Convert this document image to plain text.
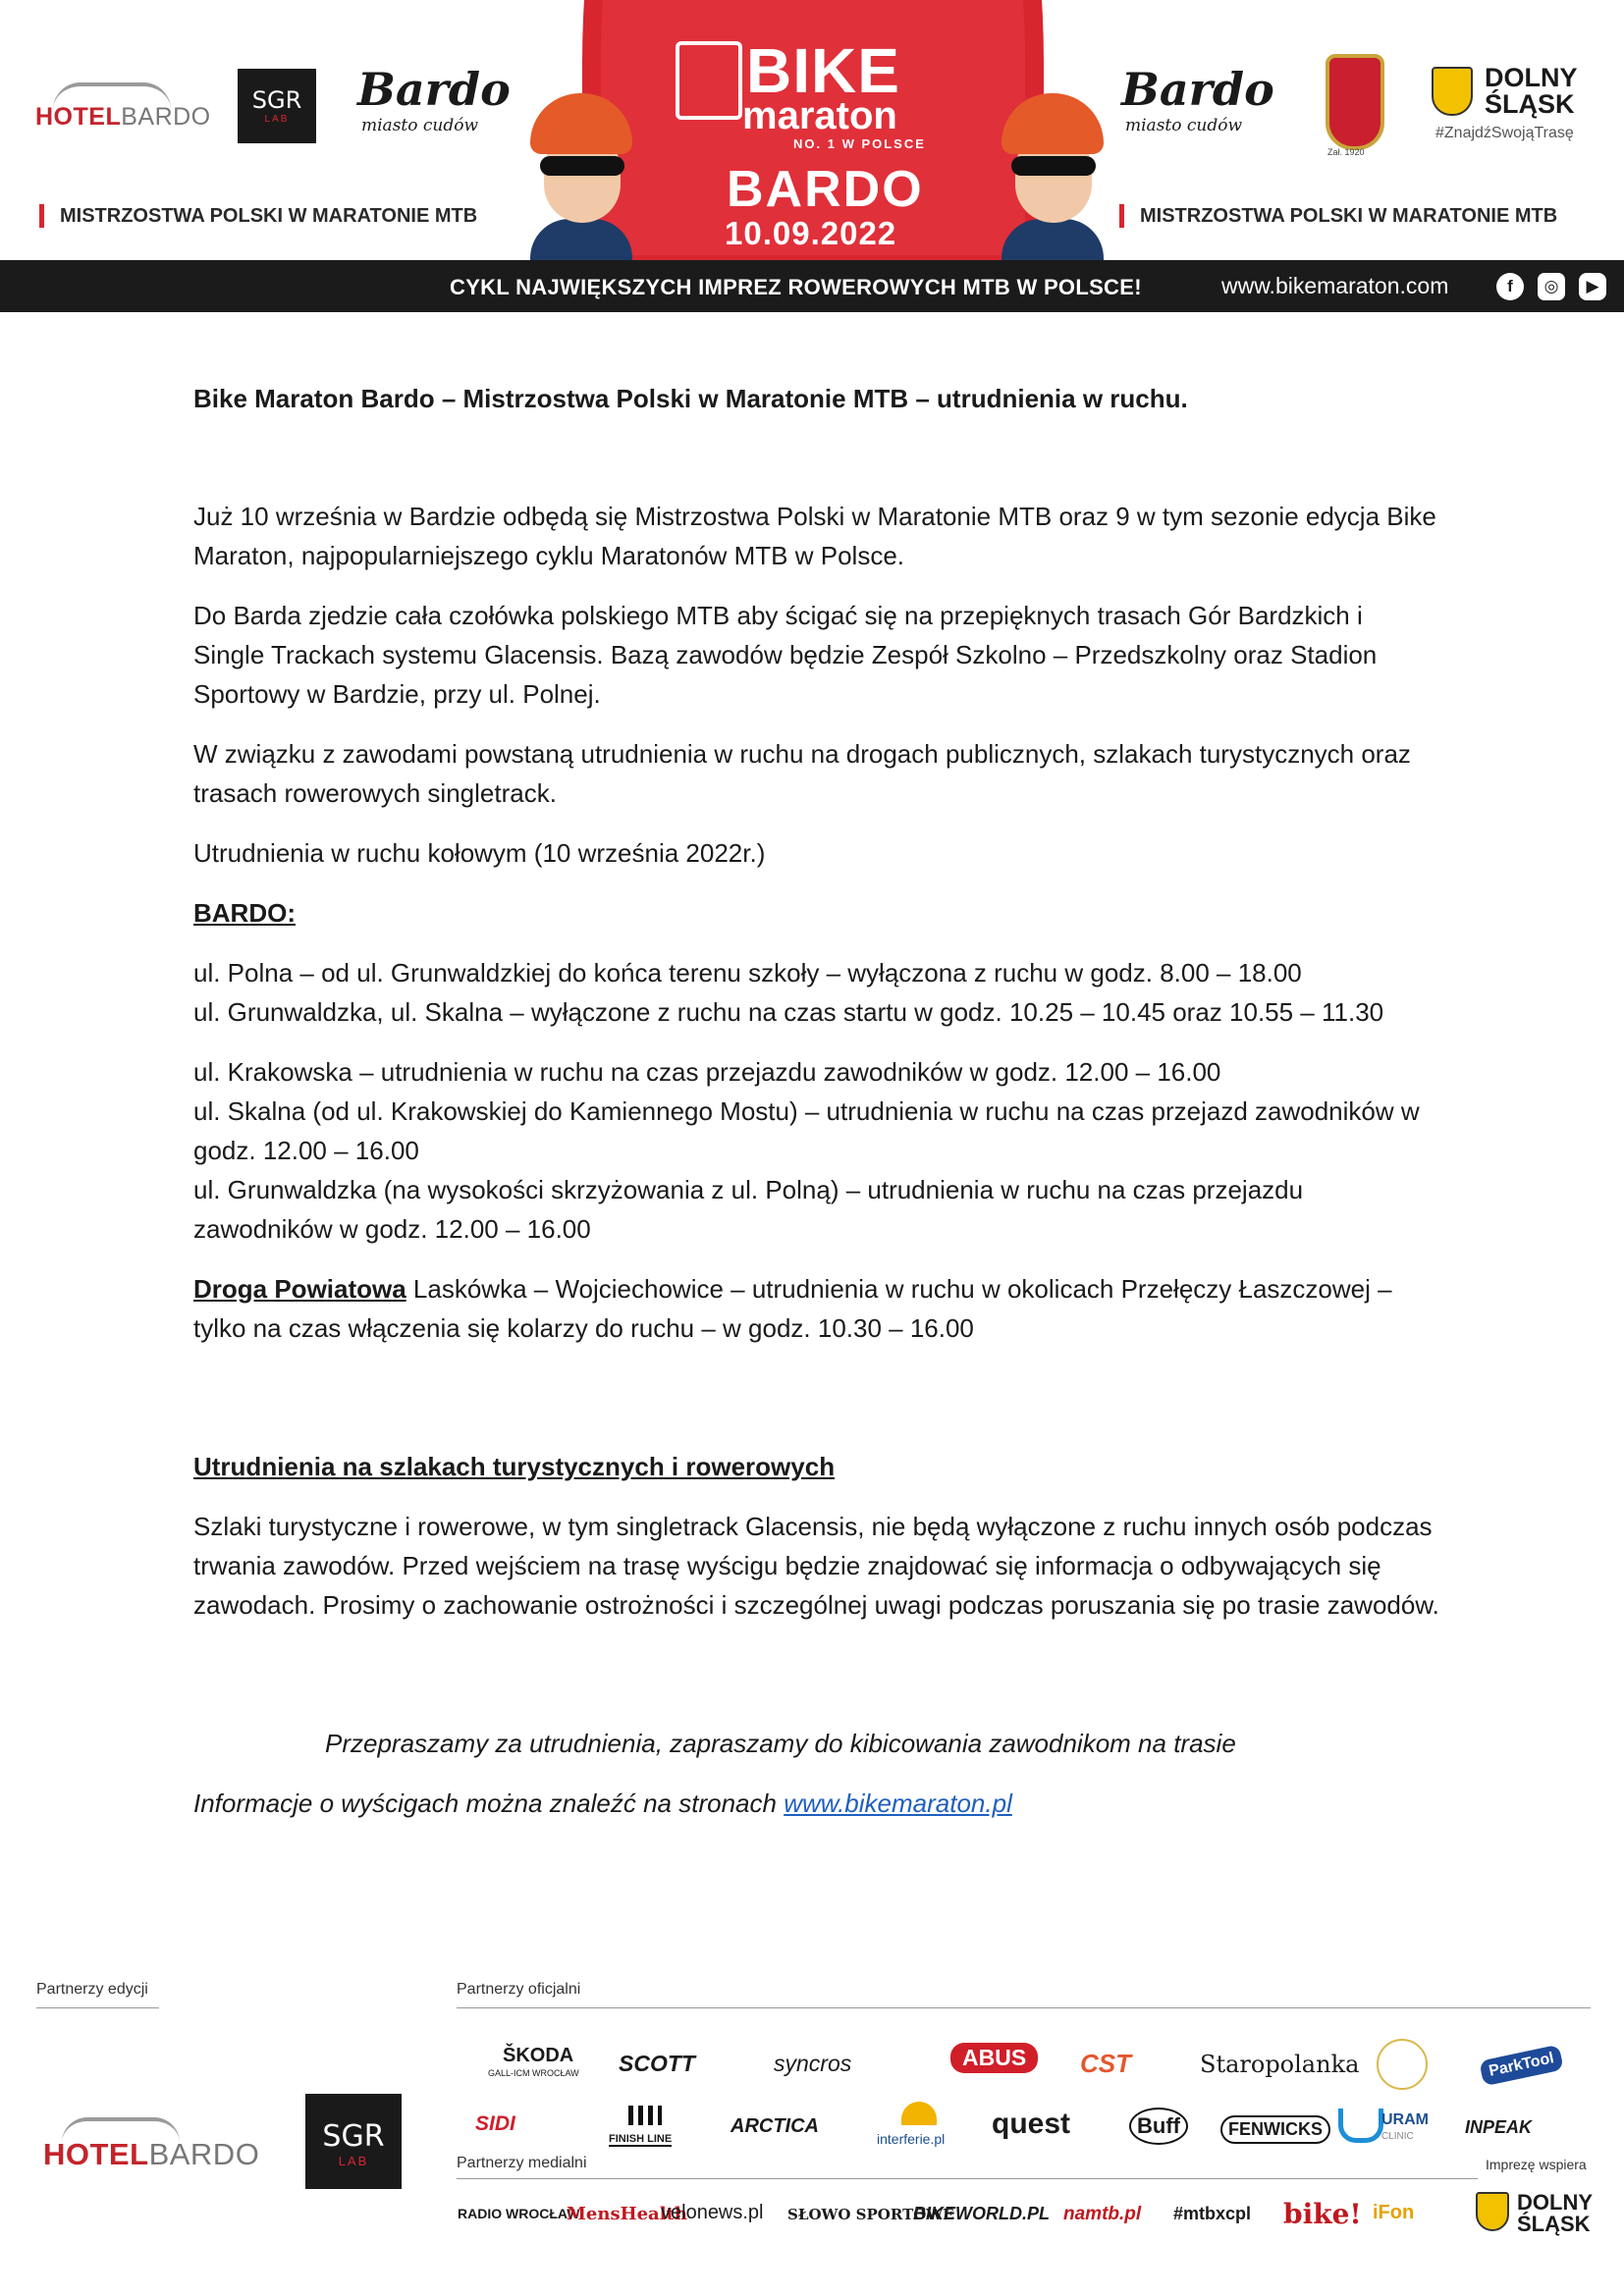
HOTELBARDO
SGR
LAB
Bardo
miasto cudów
BIKE
maraton
NO. 1 W POLSCE
BARDO
10.09.2022
Bardo
miasto cudów
Zał. 1920
DOLNY
ŚLĄSK
#ZnajdźSwojąTrasę
MISTRZOSTWA POLSKI W MARATONIE MTB	MISTRZOSTWA POLSKI W MARATONIE MTB
CYKL NAJWIĘKSZYCH IMPREZ ROWEROWYCH MTB W POLSCE!	www.bikemaraton.com	f	◎	▶

Bike Maraton Bardo – Mistrzostwa Polski w Maratonie MTB – utrudnienia w ruchu.

Już 10 września w Bardzie odbędą się Mistrzostwa Polski w Maratonie MTB oraz 9 w tym sezonie edycja Bike Maraton, najpopularniejszego cyklu Maratonów MTB w Polsce.

Do Barda zjedzie cała czołówka polskiego MTB aby ścigać się na przepięknych trasach Gór Bardzkich i Single Trackach systemu Glacensis. Bazą zawodów będzie Zespół Szkolno – Przedszkolny oraz Stadion Sportowy w Bardzie, przy ul. Polnej.

W związku z zawodami powstaną utrudnienia w ruchu na drogach publicznych, szlakach turystycznych oraz trasach rowerowych singletrack.

Utrudnienia w ruchu kołowym (10 września 2022r.)

BARDO:

ul. Polna – od ul. Grunwaldzkiej do końca terenu szkoły – wyłączona z ruchu w godz. 8.00 – 18.00

ul. Grunwaldzka, ul. Skalna – wyłączone z ruchu na czas startu w godz. 10.25 – 10.45 oraz 10.55 – 11.30

ul. Krakowska – utrudnienia w ruchu na czas przejazdu zawodników w godz. 12.00 – 16.00

ul. Skalna (od ul. Krakowskiej do Kamiennego Mostu) – utrudnienia w ruchu na czas przejazd zawodników w godz. 12.00 – 16.00

ul. Grunwaldzka (na wysokości skrzyżowania z ul. Polną) – utrudnienia w ruchu na czas przejazdu zawodników w godz. 12.00 – 16.00

Droga Powiatowa Laskówka – Wojciechowice – utrudnienia w ruchu w okolicach Przełęczy Łaszczowej – tylko na czas włączenia się kolarzy do ruchu – w godz. 10.30 – 16.00

Utrudnienia na szlakach turystycznych i rowerowych

Szlaki turystyczne i rowerowe, w tym singletrack Glacensis, nie będą wyłączone z ruchu innych osób podczas trwania zawodów. Przed wejściem na trasę wyścigu będzie znajdować się informacja o odbywających się zawodach. Prosimy o zachowanie ostrożności i szczególnej uwagi podczas poruszania się po trasie zawodów.

Przepraszamy za utrudnienia, zapraszamy do kibicowania zawodnikom na trasie

Informacje o wyścigach można znaleźć na stronach www.bikemaraton.pl

Partnerzy edycji	Partnerzy oficjalni
HOTELBARDO
SGR
LAB
ŠKODA
GALL-ICM WROCŁAW SCOTT	syncros	ABUS	CST	Staropolanka	ParkTool
SIDI
FINISH LINE
ARCTICA
interferie.pl quest	Buff	FENWICKS	URAM
CLINIC	INPEAK
Partnerzy medialni	Imprezę wspiera
RADIO WROCŁAW
MensHealth
velonews.pl SŁOWO SPORTOWE
BIKEWORLD.PL namtb.pl #mtbxcpl bike! iFon	DOLNY
ŚLĄSK
